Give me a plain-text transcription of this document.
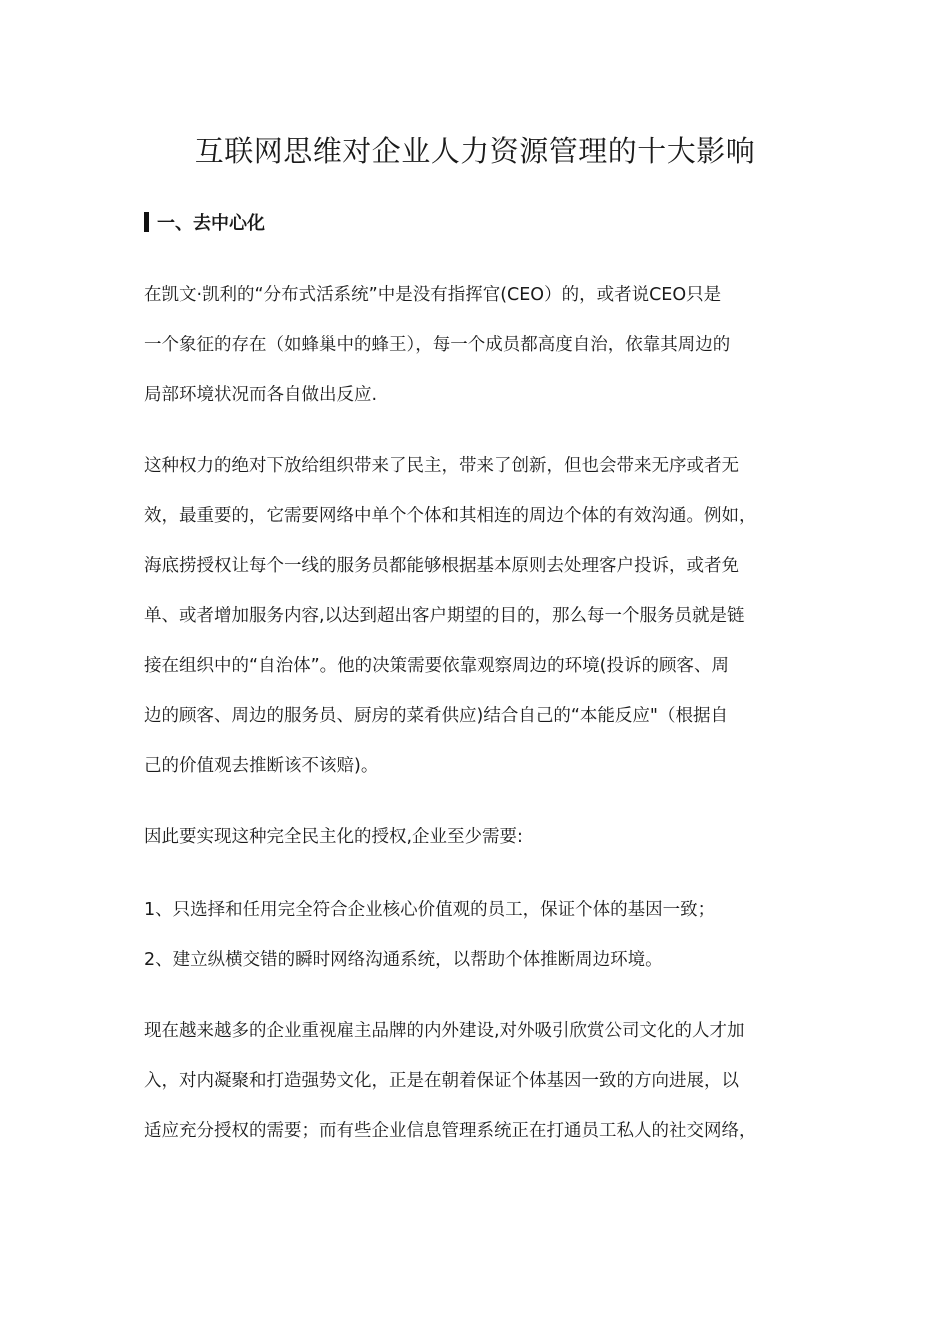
互联网思维对企业人力资源管理的十大影响
一、去中心化

在凯文·凯利的“分布式活系统”中是没有指挥官(CEO）的，或者说CEO只是
一个象征的存在（如蜂巢中的蜂王），每一个成员都高度自治，依靠其周边的
局部环境状况而各自做出反应.

这种权力的绝对下放给组织带来了民主，带来了创新，但也会带来无序或者无
效，最重要的，它需要网络中单个个体和其相连的周边个体的有效沟通。例如，
海底捞授权让每个一线的服务员都能够根据基本原则去处理客户投诉，或者免
单、或者增加服务内容,以达到超出客户期望的目的，那么每一个服务员就是链
接在组织中的“自治体”。他的决策需要依靠观察周边的环境(投诉的顾客、周
边的顾客、周边的服务员、厨房的菜肴供应)结合自己的“本能反应"（根据自
己的价值观去推断该不该赔)。

因此要实现这种完全民主化的授权,企业至少需要:

1、只选择和任用完全符合企业核心价值观的员工，保证个体的基因一致；
2、建立纵横交错的瞬时网络沟通系统，以帮助个体推断周边环境。

现在越来越多的企业重视雇主品牌的内外建设,对外吸引欣赏公司文化的人才加
入，对内凝聚和打造强势文化，正是在朝着保证个体基因一致的方向进展，以
适应充分授权的需要；而有些企业信息管理系统正在打通员工私人的社交网络，
